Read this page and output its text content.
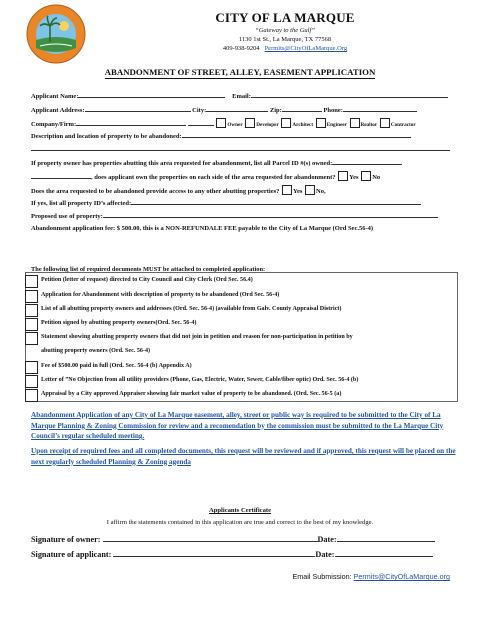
CITY OF LA MARQUE
“Gateway to the Gulf”
1130 1st St., La Marque, TX 77568
409-938-9204 Permits@CityOfLaMarque.Org
ABANDONMENT OF STREET, ALLEY, EASEMENT APPLICATION
Applicant Name:	Email:
Applicant Address:	City:	Zip:	Phone:
Company/Firm:	Owner	Developer	Architect	Engineer	Realtor	Contractor
Description and location of property to be abandoned:
If property owner has properties abutting this area requested for abandonment, list all Parcel ID #(s) owned:
, does applicant own the properties on each side of the area requested for abandonment? Yes No
Does the area requested to be abandoned provide access to any other abutting properties? Yes No,
If yes, list all property ID’s affected:
Proposed use of property:
Abandonment application fee: $ 500.00, this is a NON-REFUNDALE FEE payable to the City of La Marque (Ord Sec.56-4)
The following list of required documents MUST be attached to completed application:
Petition (letter of request) directed to City Council and City Clerk (Ord Sec. 56.4)
Application for Abandonment with description of property to be abandoned (Ord Sec. 56-4)
List of all abutting property owners and addresses (Ord. Sec. 56-4) (available from Galv. County Appraisal District)
Petition signed by abutting property owners(Ord. Sec. 56-4)
Statement showing abutting property owners that did not join in petition and reason for non-participation in petition by
abutting property owners (Ord. Sec. 56-4)
Fee of $500.00 paid in full (Ord. Sec. 56-4 (b) Appendix A)
Letter of ”No Objection from all utility providers (Phone, Gas, Electric, Water, Sewer, Cable/fiber optic) Ord. Sec. 56-4 (b)
Appraisal by a City approved Appraiser showing fair market value of property to be abandoned. (Ord. Sec. 56-5 (a)
Abandonment Application of any City of La Marque easement, alley, street or public way is required to be submitted to the City of La Marque Planning & Zoning Commission for review and a recomendation by the commission must be submitted to the La Marque City Council’s regular scheduled meeting.
Upon receipt of required fees and all completed documents, this request will be reviewed and if approved, this request will be placed on the next regularly scheduled Planning & Zoning agenda
Applicants Certificate
I affirm the statements contained in this application are true and correct to the best of my knowledge.
Signature of owner:	Date:
Signature of applicant:	Date:
Email Submission: Permits@CityOfLaMarque.org
